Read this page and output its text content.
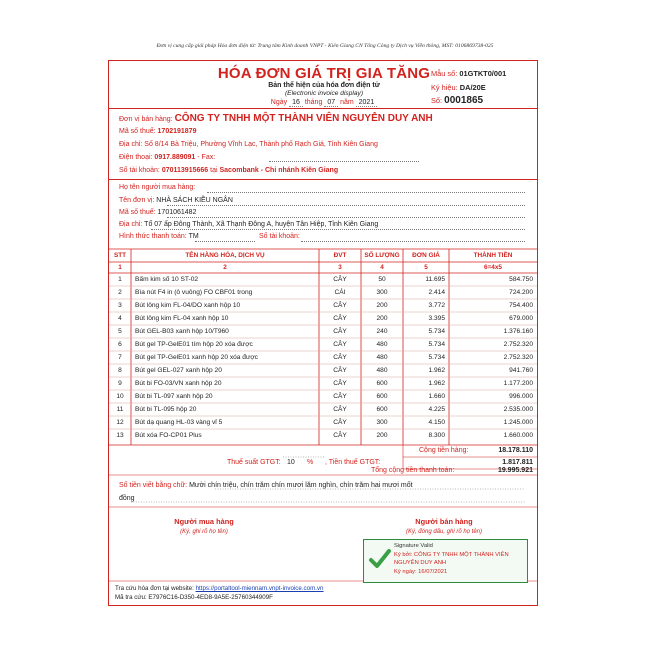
Đơn vị cung cấp giải pháp Hóa đơn điện tử: Trung tâm Kinh doanh VNPT - Kiên Giang CN Tổng Công ty Dịch vụ Viễn thông, MST: 0106869738-025
HÓA ĐƠN GIÁ TRỊ GIA TĂNG
Bản thể hiện của hóa đơn điện tử
(Electronic invoice display)
Ngày 16 tháng 07 năm 2021
Mẫu số: 01GTKT0/001
Ký hiệu: DA/20E
Số: 0001865
Đơn vị bán hàng: CÔNG TY TNHH MỘT THÀNH VIÊN NGUYỄN DUY ANH
Mã số thuế: 1702191879
Địa chỉ: Số 8/14 Bà Triệu, Phường Vĩnh Lạc, Thành phố Rạch Giá, Tỉnh Kiên Giang
Điện thoại: 0917.889091 - Fax:
Số tài khoản: 070113915666 tại Sacombank - Chi nhánh Kiên Giang
Họ tên người mua hàng:
Tên đơn vị: NHÀ SÁCH KIỀU NGÂN
Mã số thuế: 1701061482
Địa chỉ: Tổ 07 ấp Đông Thành, Xã Thạnh Đông A, huyện Tân Hiệp, Tỉnh Kiên Giang
Hình thức thanh toán: TM	Số tài khoản:
STT	TÊN HÀNG HÓA, DỊCH VỤ	ĐVT	SỐ LƯỢNG	ĐƠN GIÁ	THÀNH TIỀN
1	2	3	4	5	6=4x5
1	Bấm kim số 10 ST-02	CÂY	50	11.695	584.750
2	Bìa nút F4 in (ô vuông) FO CBF01 trong	CÁI	300	2.414	724.200
3	Bút lông kim FL-04/DO xanh hộp 10	CÂY	200	3.772	754.400
4	Bút lông kim FL-04 xanh hộp 10	CÂY	200	3.395	679.000
5	Bút GEL-B03 xanh hộp 10/T960	CÂY	240	5.734	1.376.160
6	Bút gel TP-GelE01 tím hộp 20 xóa được	CÂY	480	5.734	2.752.320
7	Bút gel TP-GelE01 xanh hộp 20 xóa được	CÂY	480	5.734	2.752.320
8	Bút gel GEL-027 xanh hộp 20	CÂY	480	1.962	941.760
9	Bút bi FO-03/VN xanh hộp 20	CÂY	600	1.962	1.177.200
10	Bút bi TL-097 xanh hộp 20	CÂY	600	1.660	996.000
11	Bút bi TL-095 hộp 20	CÂY	600	4.225	2.535.000
12	Bút dạ quang HL-03 vàng vỉ 5	CÂY	300	4.150	1.245.000
13	Bút xóa FO-CP01 Plus	CÂY	200	8.300	1.660.000
Cộng tiền hàng:	18.178.110
Thuế suất GTGT: 10 % , Tiền thuế GTGT:	1.817.811
Tổng cộng tiền thanh toán:	19.995.921
Số tiền viết bằng chữ: Mười chín triệu, chín trăm chín mươi lăm nghìn, chín trăm hai mươi mốt
đồng
Người mua hàng
(Ký, ghi rõ họ tên)
Người bán hàng
(Ký, đóng dấu, ghi rõ họ tên)
Signature Valid
Ký bởi: CÔNG TY TNHH MỘT THÀNH VIÊN
NGUYỄN DUY ANH
Ký ngày: 16/07/2021
Tra cứu hóa đơn tại website: https://portaltool-miennam.vnpt-invoice.com.vn
Mã tra cứu: E7976C16-D350-4ED8-9A5E-25760344909F
